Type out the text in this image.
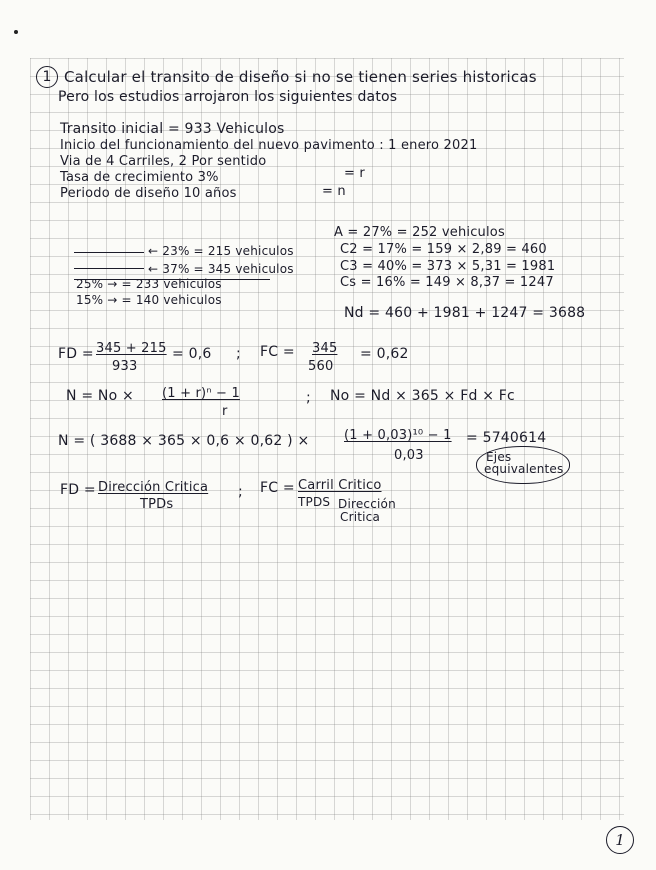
1 Calcular el transito de diseño si no se tienen series historicas
Pero los estudios arrojaron los siguientes datos
Transito inicial = 933 Vehiculos
Inicio del funcionamiento del nuevo pavimento : 1 enero 2021
Via de 4 Carriles, 2 Por sentido
Tasa de crecimiento 3%	= r
Periodo de diseño 10 años	= n
← 23% = 215 vehiculos
← 37% = 345 vehiculos
25% → = 233 vehiculos
15% → = 140 vehiculos
A = 27% = 252 vehiculos
C2 = 17% = 159 × 2,89 = 460
C3 = 40% = 373 × 5,31 = 1981
Cs = 16% = 149 × 8,37 = 1247
Nd = 460 + 1981 + 1247 = 3688
FD = 345 + 215
933
= 0,6 ; FC = 345
560
= 0,62
N = No × (1 + r)ⁿ − 1
r
; No = Nd × 365 × Fd × Fc
N = ( 3688 × 365 × 0,6 × 0,62 ) ×	(1 + 0,03)¹⁰ − 1
0,03
= 5740614
Ejes
equivalentes
FD = Dirección Critica
TPDs
; FC = Carril Critico
TPDS Dirección
Critica
1
